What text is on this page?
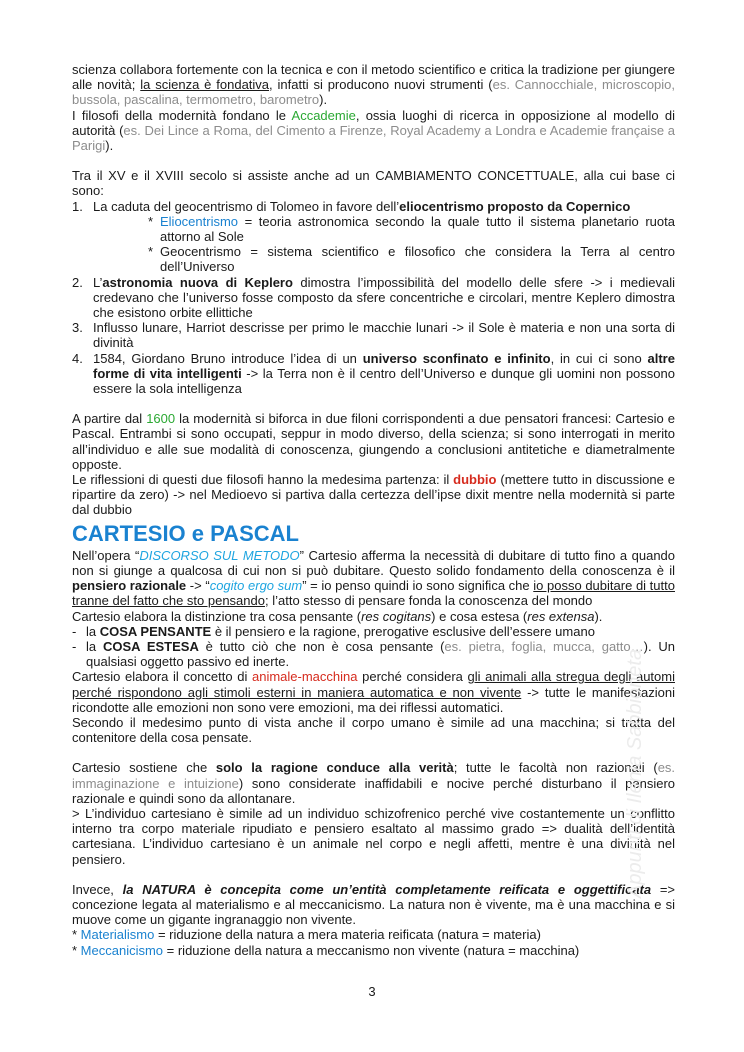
scienza collabora fortemente con la tecnica e con il metodo scientifico e critica la tradizione per giungere alle novità; la scienza è fondativa, infatti si producono nuovi strumenti (es. Cannocchiale, microscopio, bussola, pascalina, termometro, barometro).

I filosofi della modernità fondano le Accademie, ossia luoghi di ricerca in opposizione al modello di autorità (es. Dei Lince a Roma, del Cimento a Firenze, Royal Academy a Londra e Academie française a Parigi).

Tra il XV e il XVIII secolo si assiste anche ad un CAMBIAMENTO CONCETTUALE, alla cui base ci sono:

1. La caduta del geocentrismo di Tolomeo in favore dell’eliocentrismo proposto da Copernico
* Eliocentrismo = teoria astronomica secondo la quale tutto il sistema planetario ruota attorno al Sole
* Geocentrismo = sistema scientifico e filosofico che considera la Terra al centro dell’Universo
2. L’astronomia nuova di Keplero dimostra l’impossibilità del modello delle sfere -> i medievali credevano che l’universo fosse composto da sfere concentriche e circolari, mentre Keplero dimostra che esistono orbite ellittiche
3. Influsso lunare, Harriot descrisse per primo le macchie lunari -> il Sole è materia e non una sorta di divinità
4. 1584, Giordano Bruno introduce l’idea di un universo sconfinato e infinito, in cui ci sono altre forme di vita intelligenti -> la Terra non è il centro dell’Universo e dunque gli uomini non possono essere la sola intelligenza

A partire dal 1600 la modernità si biforca in due filoni corrispondenti a due pensatori francesi: Cartesio e Pascal. Entrambi si sono occupati, seppur in modo diverso, della scienza; si sono interrogati in merito all’individuo e alle sue modalità di conoscenza, giungendo a conclusioni antitetiche e diametralmente opposte.

Le riflessioni di questi due filosofi hanno la medesima partenza: il dubbio (mettere tutto in discussione e ripartire da zero) -> nel Medioevo si partiva dalla certezza dell’ipse dixit mentre nella modernità si parte dal dubbio

CARTESIO e PASCAL

Nell’opera “DISCORSO SUL METODO” Cartesio afferma la necessità di dubitare di tutto fino a quando non si giunge a qualcosa di cui non si può dubitare. Questo solido fondamento della conoscenza è il pensiero razionale -> “cogito ergo sum” = io penso quindi io sono significa che io posso dubitare di tutto tranne del fatto che sto pensando; l’atto stesso di pensare fonda la conoscenza del mondo

Cartesio elabora la distinzione tra cosa pensante (res cogitans) e cosa estesa (res extensa).

- la COSA PENSANTE è il pensiero e la ragione, prerogative esclusive dell’essere umano
- la COSA ESTESA è tutto ciò che non è cosa pensante (es. pietra, foglia, mucca, gatto…). Un qualsiasi oggetto passivo ed inerte.

Cartesio elabora il concetto di animale-macchina perché considera gli animali alla stregua degli automi perché rispondono agli stimoli esterni in maniera automatica e non vivente -> tutte le manifestazioni ricondotte alle emozioni non sono vere emozioni, ma dei riflessi automatici.

Secondo il medesimo punto di vista anche il corpo umano è simile ad una macchina; si tratta del contenitore della cosa pensate.

Cartesio sostiene che solo la ragione conduce alla verità; tutte le facoltà non razionali (es. immaginazione e intuizione) sono considerate inaffidabili e nocive perché disturbano il pensiero razionale e quindi sono da allontanare.

> L’individuo cartesiano è simile ad un individuo schizofrenico perché vive costantemente un conflitto interno tra corpo materiale ripudiato e pensiero esaltato al massimo grado => dualità dell’identità cartesiana. L’individuo cartesiano è un animale nel corpo e negli affetti, mentre è una divinità nel pensiero.

Invece, la NATURA è concepita come un’entità completamente reificata e oggettificata => concezione legata al materialismo e al meccanicismo. La natura non è vivente, ma è una macchina e si muove come un gigante ingranaggio non vivente.

* Materialismo = riduzione della natura a mera materia reificata (natura = materia)

* Meccanicismo = riduzione della natura a meccanismo non vivente (natura = macchina)

Appunti di Ilenia Sabbioneta
3
